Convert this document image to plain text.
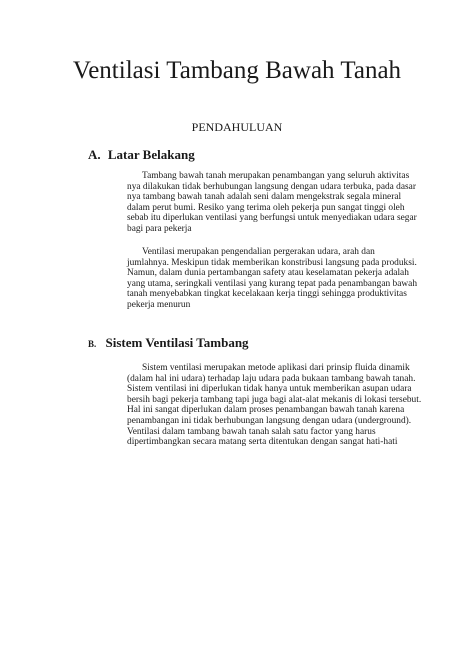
Ventilasi Tambang Bawah Tanah
PENDAHULUAN
A. Latar Belakang

Tambang bawah tanah merupakan penambangan yang seluruh aktivitas
nya dilakukan tidak berhubungan langsung dengan udara terbuka, pada dasar
nya tambang bawah tanah adalah seni dalam mengekstrak segala mineral
dalam perut bumi. Resiko yang terima oleh pekerja pun sangat tinggi oleh
sebab itu diperlukan ventilasi yang berfungsi untuk menyediakan udara segar
bagi para pekerja

Ventilasi merupakan pengendalian pergerakan udara, arah dan
jumlahnya. Meskipun tidak memberikan konstribusi langsung pada produksi.
Namun, dalam dunia pertambangan safety atau keselamatan pekerja adalah
yang utama, seringkali ventilasi yang kurang tepat pada penambangan bawah
tanah menyebabkan tingkat kecelakaan kerja tinggi sehingga produktivitas
pekerja menurun

B. Sistem Ventilasi Tambang

Sistem ventilasi merupakan metode aplikasi dari prinsip fluida dinamik
(dalam hal ini udara) terhadap laju udara pada bukaan tambang bawah tanah.
Sistem ventilasi ini diperlukan tidak hanya untuk memberikan asupan udara
bersih bagi pekerja tambang tapi juga bagi alat-alat mekanis di lokasi tersebut.
Hal ini sangat diperlukan dalam proses penambangan bawah tanah karena
penambangan ini tidak berhubungan langsung dengan udara (underground).
Ventilasi dalam tambang bawah tanah salah satu factor yang harus
dipertimbangkan secara matang serta ditentukan dengan sangat hati-hati
